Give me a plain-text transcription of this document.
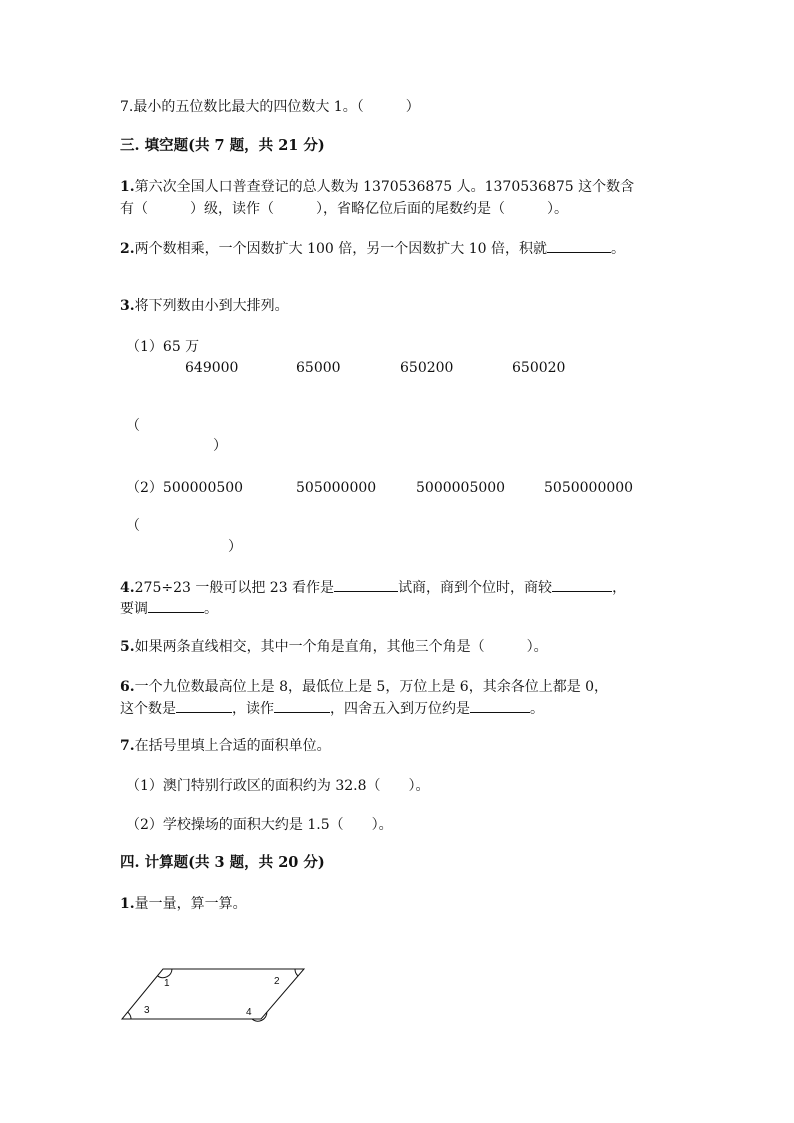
7.最小的五位数比最大的四位数大 1。（　　　）
三. 填空题(共 7 题，共 21 分)
1.第六次全国人口普查登记的总人数为 1370536875 人。1370536875 这个数含
有（　　　）级，读作（　　　），省略亿位后面的尾数约是（　　　）。
2.两个数相乘，一个因数扩大 100 倍，另一个因数扩大 10 倍，积就	。
3.将下列数由小到大排列。
（1）65 万
649000	65000	650200	650020
（
）
（2）500000500	505000000	5000005000	5050000000
（
）
4.275÷23 一般可以把 23 看作是	试商，商到个位时，商较	，
要调	。
5.如果两条直线相交，其中一个角是直角，其他三个角是（　　　）。
6.一个九位数最高位上是 8，最低位上是 5，万位上是 6，其余各位上都是 0，
这个数是	，读作	，四舍五入到万位约是	。
7.在括号里填上合适的面积单位。
（1）澳门特别行政区的面积约为 32.8（　　）。
（2）学校操场的面积大约是 1.5（　　）。
四. 计算题(共 3 题，共 20 分)
1.量一量，算一算。
1	2
3	4
